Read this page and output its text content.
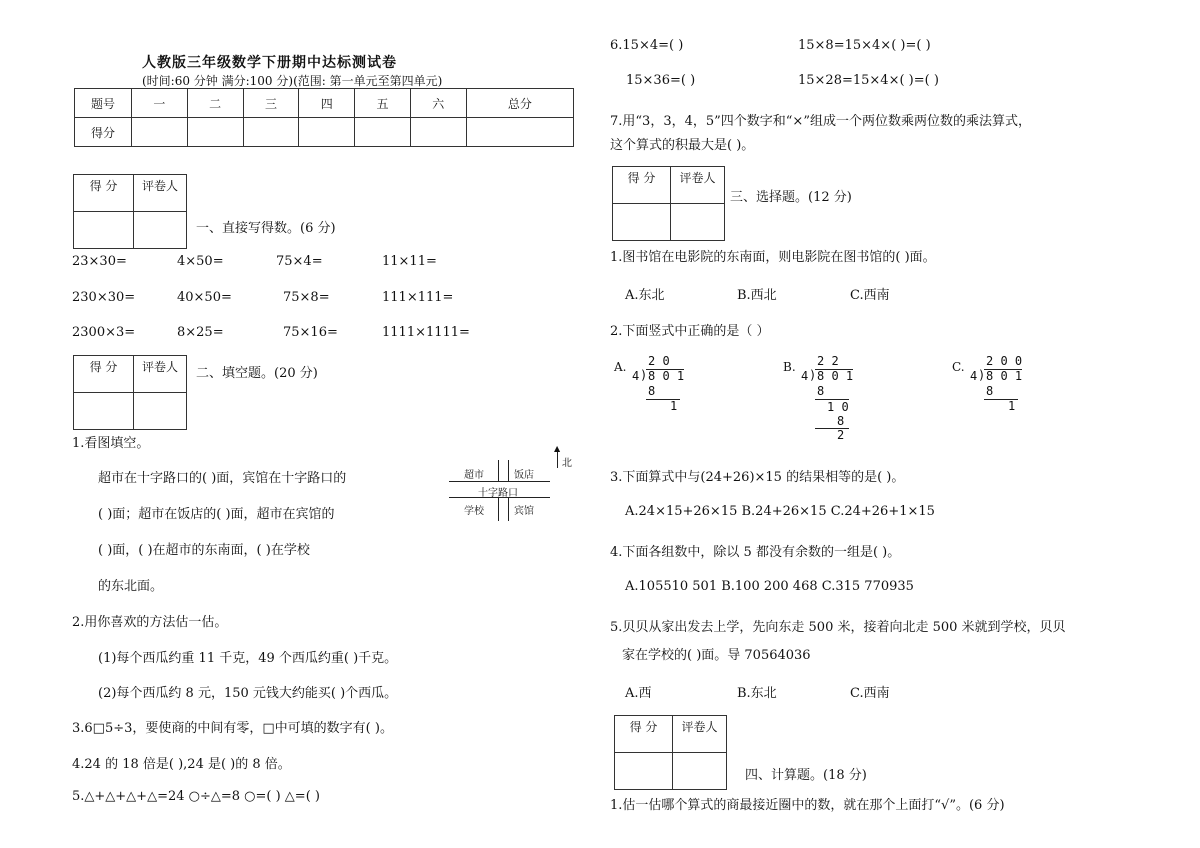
人教版三年级数学下册期中达标测试卷
(时间:60 分钟 满分:100 分)(范围: 第一单元至第四单元)
题号	一	二	三	四	五	六	总分
得分							
得 分	评卷人

一、直接写得数。(6 分)
23×30=	4×50=	75×4=	11×11=
230×30=	40×50=	75×8=	111×111=
2300×3=	8×25=	75×16=	1111×1111=
得 分	评卷人
	二、填空题。(20 分)
1.看图填空。
超市在十字路口的( )面，宾馆在十字路口的
( )面；超市在饭店的( )面，超市在宾馆的
( )面，( )在超市的东南面，( )在学校
的东北面。
超市	饭店
十字路口
学校	宾馆
▲
北
2.用你喜欢的方法估一估。
(1)每个西瓜约重 11 千克，49 个西瓜约重( )千克。
(2)每个西瓜约 8 元，150 元钱大约能买( )个西瓜。
3.6□5÷3，要使商的中间有零，□中可填的数字有( )。
4.24 的 18 倍是( ),24 是( )的 8 倍。
5.△+△+△+△=24 ○÷△=8 ○=( ) △=( )
6.15×4=( )	15×8=15×4×( )=( )
15×36=( )	15×28=15×4×( )=( )
7.用“3，3，4，5”四个数字和“×”组成一个两位数乘两位数的乘法算式，
这个算式的积最大是( )。
得 分	评卷人

三、选择题。(12 分)
1.图书馆在电影院的东南面，则电影院在图书馆的( )面。
A.东北	B.西北	C.西南
2.下面竖式中正确的是（ ）
A. 2 0
4 ) 8 0 1
8
1
B. 2 2
4 ) 8 0 1
8
1 0
8
2
C. 2 0 0
4 ) 8 0 1
8
1
3.下面算式中与(24+26)×15 的结果相等的是( )。
A.24×15+26×15 B.24+26×15 C.24+26+1×15
4.下面各组数中，除以 5 都没有余数的一组是( )。
A.105510 501 B.100 200 468 C.315 770935
5.贝贝从家出发去上学，先向东走 500 米，接着向北走 500 米就到学校，贝贝
家在学校的( )面。导 70564036
A.西	B.东北	C.西南
得 分	评卷人

四、计算题。(18 分)
1.估一估哪个算式的商最接近圈中的数，就在那个上面打“√”。(6 分)
